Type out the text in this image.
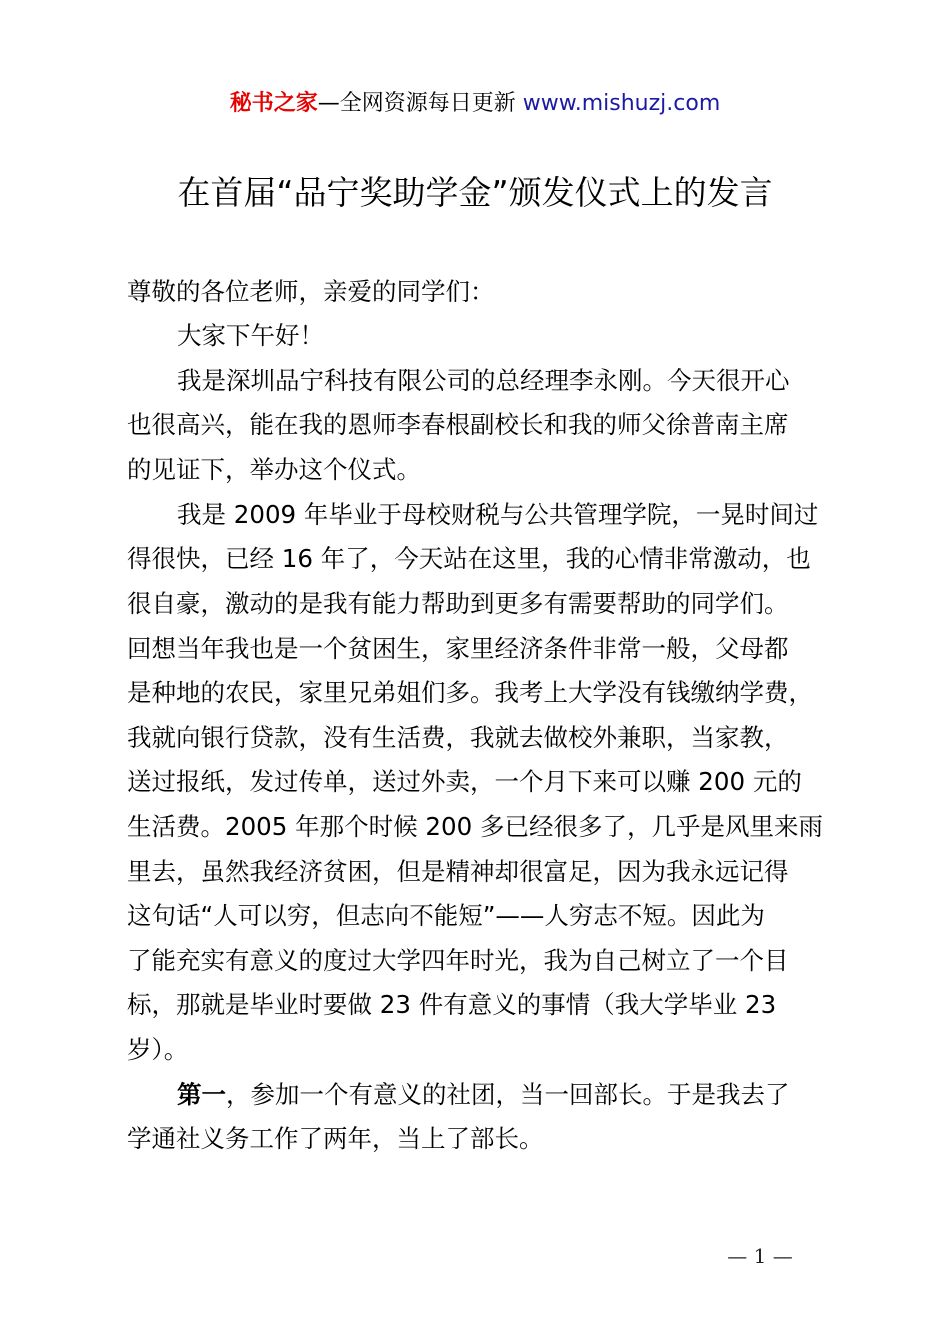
秘书之家—全网资源每日更新 www.mishuzj.com
在首届“品宁奖助学金”颁发仪式上的发言
尊敬的各位老师，亲爱的同学们：
大家下午好！
我是深圳品宁科技有限公司的总经理李永刚。今天很开心
也很高兴，能在我的恩师李春根副校长和我的师父徐普南主席
的见证下，举办这个仪式。
我是 2009 年毕业于母校财税与公共管理学院，一晃时间过
得很快，已经 16 年了，今天站在这里，我的心情非常激动，也
很自豪，激动的是我有能力帮助到更多有需要帮助的同学们。
回想当年我也是一个贫困生，家里经济条件非常一般，父母都
是种地的农民，家里兄弟姐们多。我考上大学没有钱缴纳学费，
我就向银行贷款，没有生活费，我就去做校外兼职，当家教，
送过报纸，发过传单，送过外卖，一个月下来可以赚 200 元的
生活费。2005 年那个时候 200 多已经很多了，几乎是风里来雨
里去，虽然我经济贫困，但是精神却很富足，因为我永远记得
这句话“人可以穷，但志向不能短”——人穷志不短。因此为
了能充实有意义的度过大学四年时光，我为自己树立了一个目
标，那就是毕业时要做 23 件有意义的事情（我大学毕业 23
岁）。
第一，参加一个有意义的社团，当一回部长。于是我去了
学通社义务工作了两年，当上了部长。
— 1 —
